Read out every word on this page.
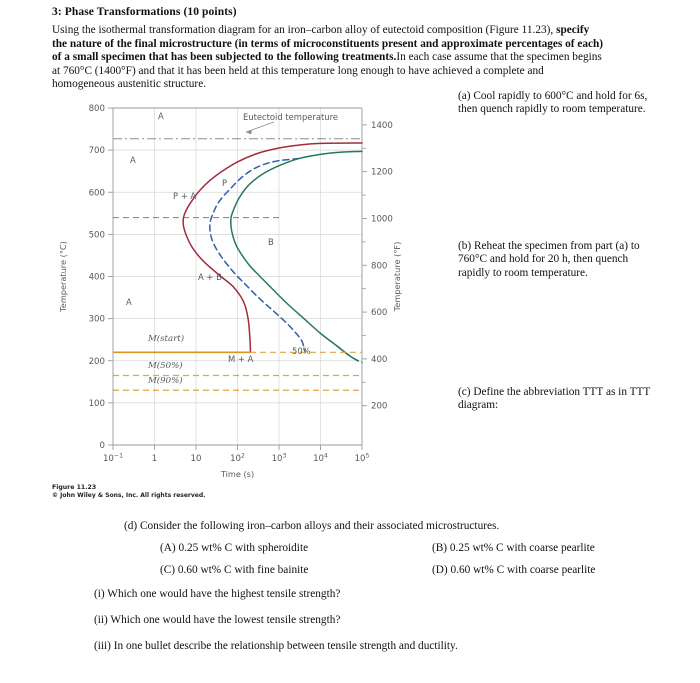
3: Phase Transformations (10 points)
Using the isothermal transformation diagram for an iron–carbon alloy of eutectoid composition (Figure 11.23), specify
the nature of the final microstructure (in terms of microconstituents present and approximate percentages of each)
of a small specimen that has been subjected to the following treatments.In each case assume that the specimen begins
at 760°C (1400°F) and that it has been held at this temperature long enough to have achieved a complete and
homogeneous austenitic structure.
(a) Cool rapidly to 600°C and hold for 6s, then quench rapidly to room temperature.
(b) Reheat the specimen from part (a) to 760°C and hold for 20 h, then quench rapidly to room temperature.
(c) Define the abbreviation TTT as in TTT diagram:
0
100
200
300
400
500
600
700
800
200
400
600
800
1000
1200
1400
$10^{-1}$	1	10	$10^2$	$10^3$	$10^4$	$10^5$
Time (s)
Temperature (°C)	Temperature (°F)
Eutectoid temperature
A
A
A
P
B
P + A
A + B
M + A
50%
M(start)
M(50%)
M(90%)
Figure 11.23
© John Wiley & Sons, Inc. All rights reserved.
(d) Consider the following iron–carbon alloys and their associated microstructures.
(A) 0.25 wt% C with spheroidite	(B) 0.25 wt% C with coarse pearlite
(C) 0.60 wt% C with fine bainite	(D) 0.60 wt% C with coarse pearlite
(i) Which one would have the highest tensile strength?
(ii) Which one would have the lowest tensile strength?
(iii) In one bullet describe the relationship between tensile strength and ductility.
